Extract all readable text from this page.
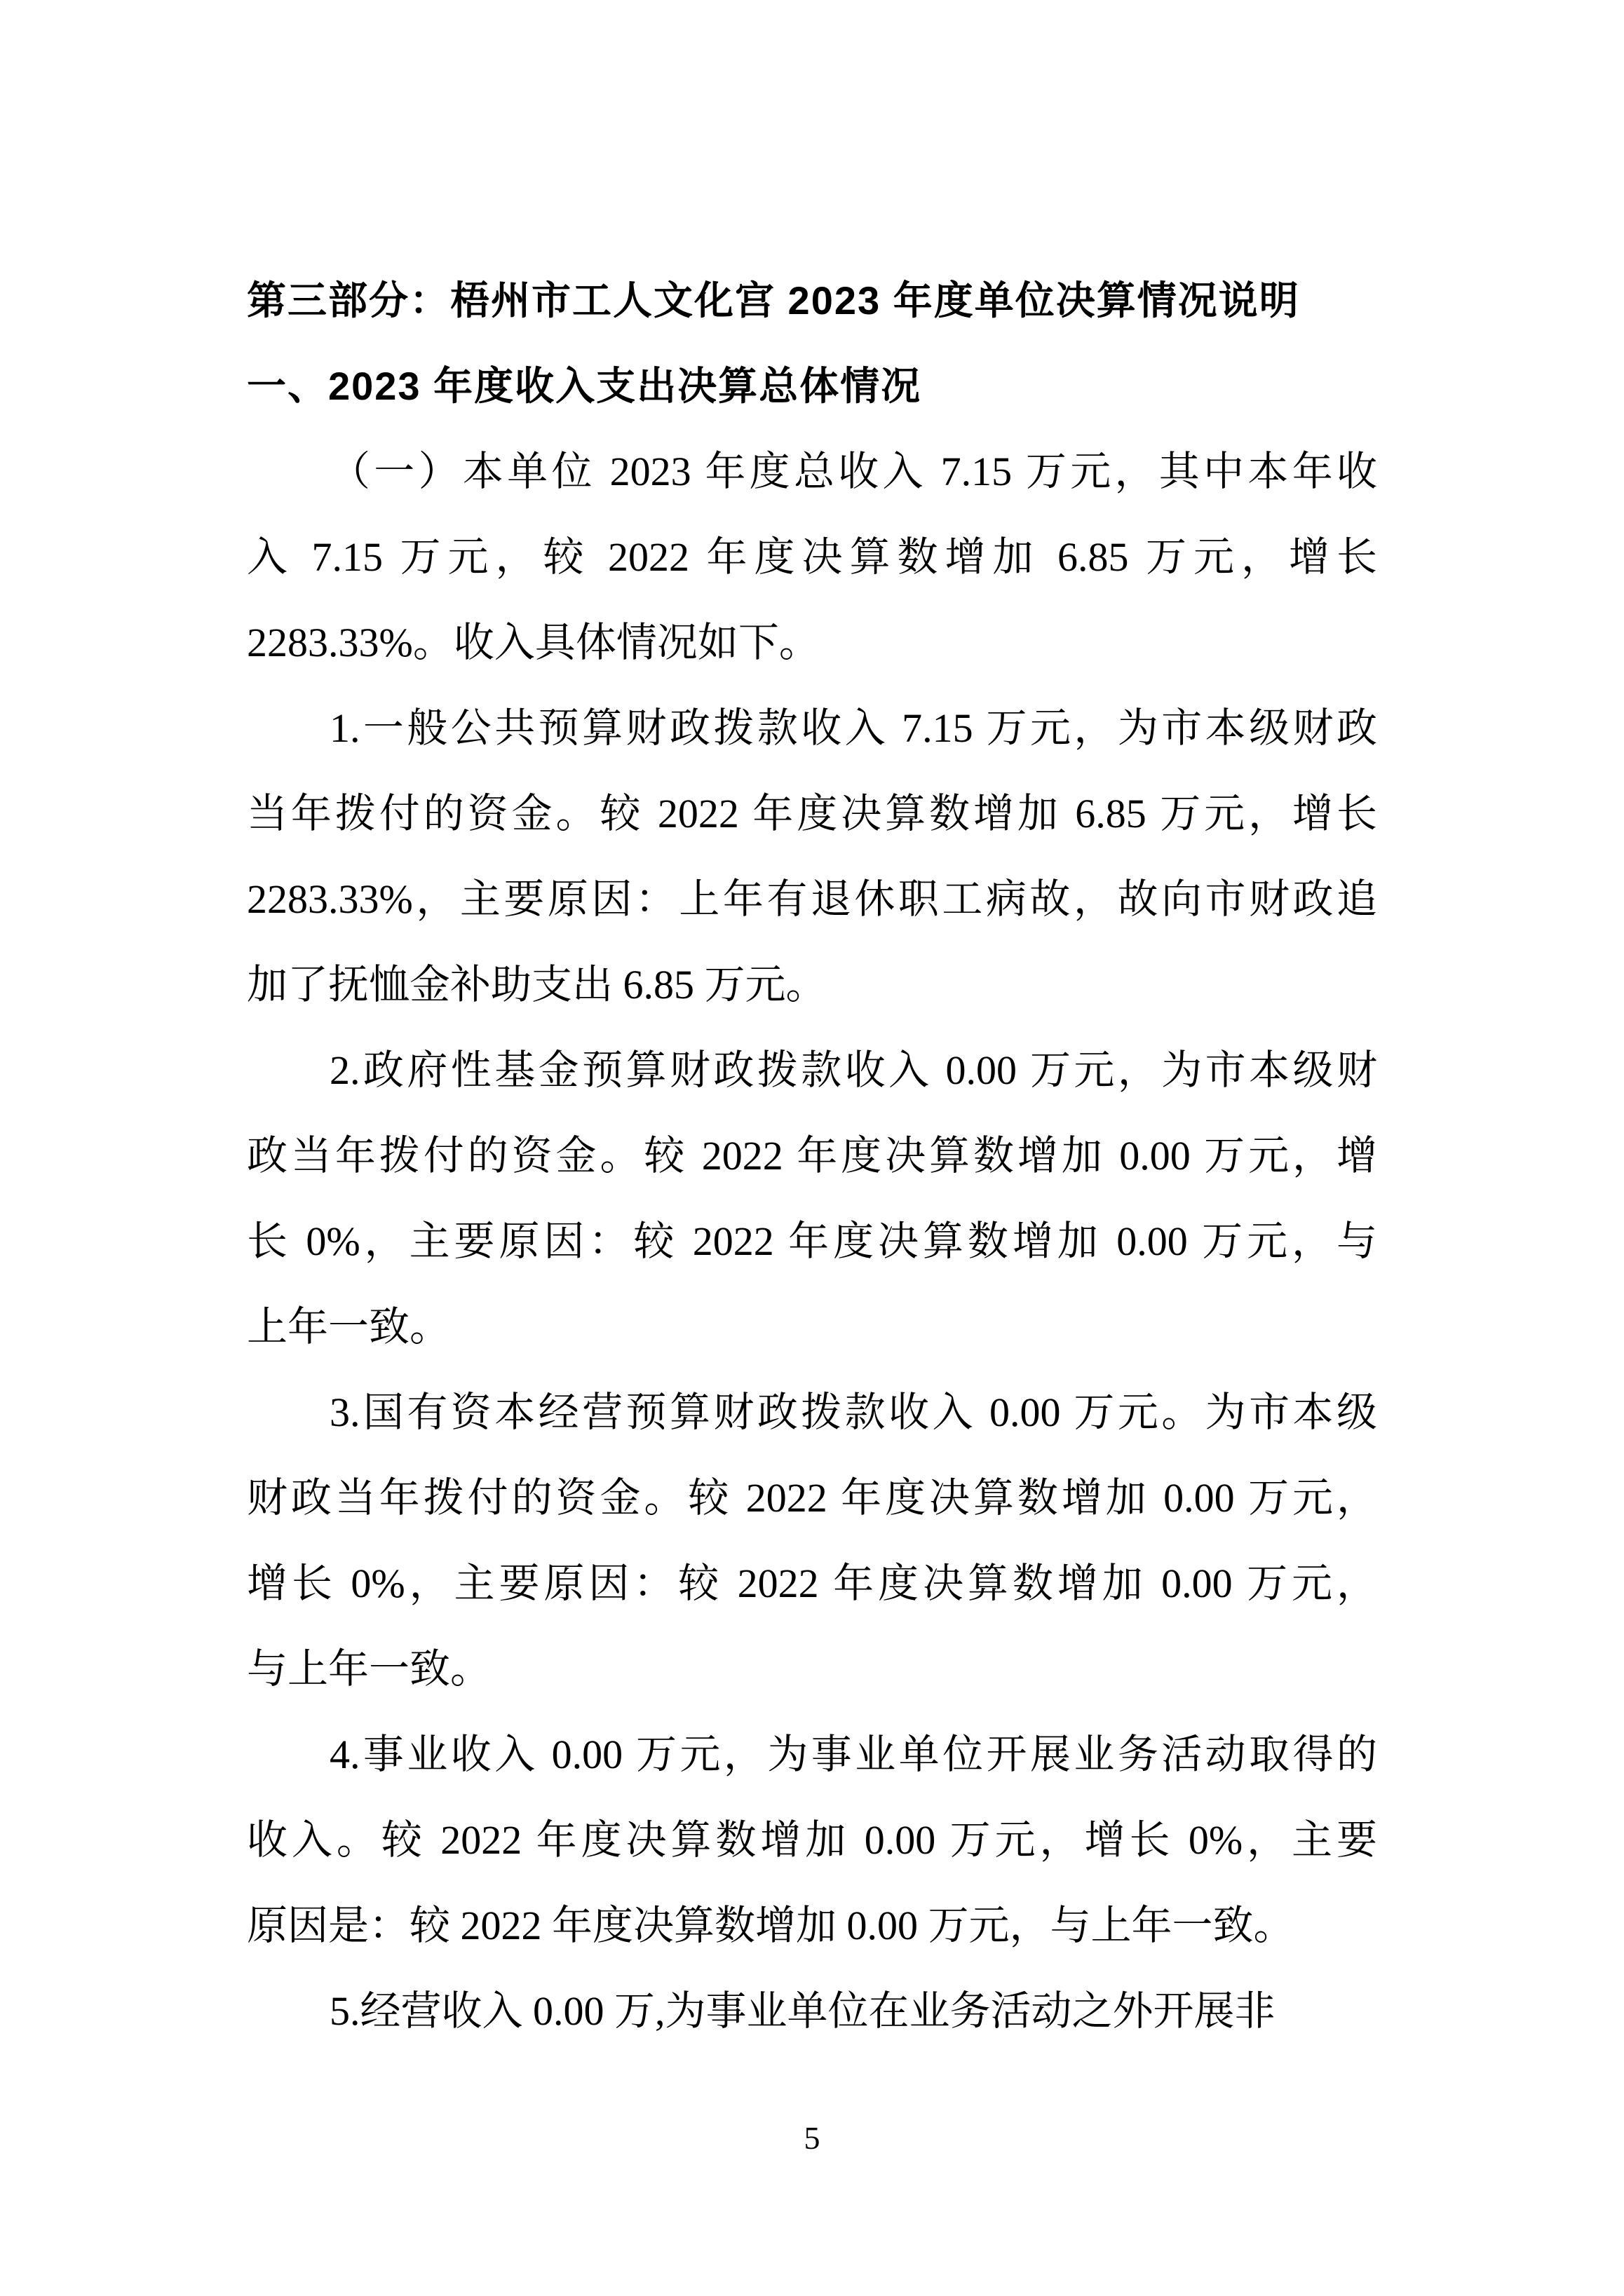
第三部分：梧州市工人文化宫 2023 年度单位决算情况说明
一、2023 年度收入支出决算总体情况
（一）本单位 2023 年度总收入 7.15 万元，其中本年收
入 7.15 万元，较 2022 年度决算数增加 6.85 万元，增长
2283.33%。收入具体情况如下。
1.一般公共预算财政拨款收入 7.15 万元，为市本级财政
当年拨付的资金。较 2022 年度决算数增加 6.85 万元，增长
2283.33%，主要原因：上年有退休职工病故，故向市财政追
加了抚恤金补助支出 6.85 万元。
2.政府性基金预算财政拨款收入 0.00 万元，为市本级财
政当年拨付的资金。较 2022 年度决算数增加 0.00 万元，增
长 0%，主要原因：较 2022 年度决算数增加 0.00 万元，与
上年一致。
3.国有资本经营预算财政拨款收入 0.00 万元。为市本级
财政当年拨付的资金。较 2022 年度决算数增加 0.00 万元，
增长 0%，主要原因：较 2022 年度决算数增加 0.00 万元，
与上年一致。
4.事业收入 0.00 万元，为事业单位开展业务活动取得的
收入。较 2022 年度决算数增加 0.00 万元，增长 0%，主要
原因是：较 2022 年度决算数增加 0.00 万元，与上年一致。
5.经营收入 0.00 万,为事业单位在业务活动之外开展非
5
